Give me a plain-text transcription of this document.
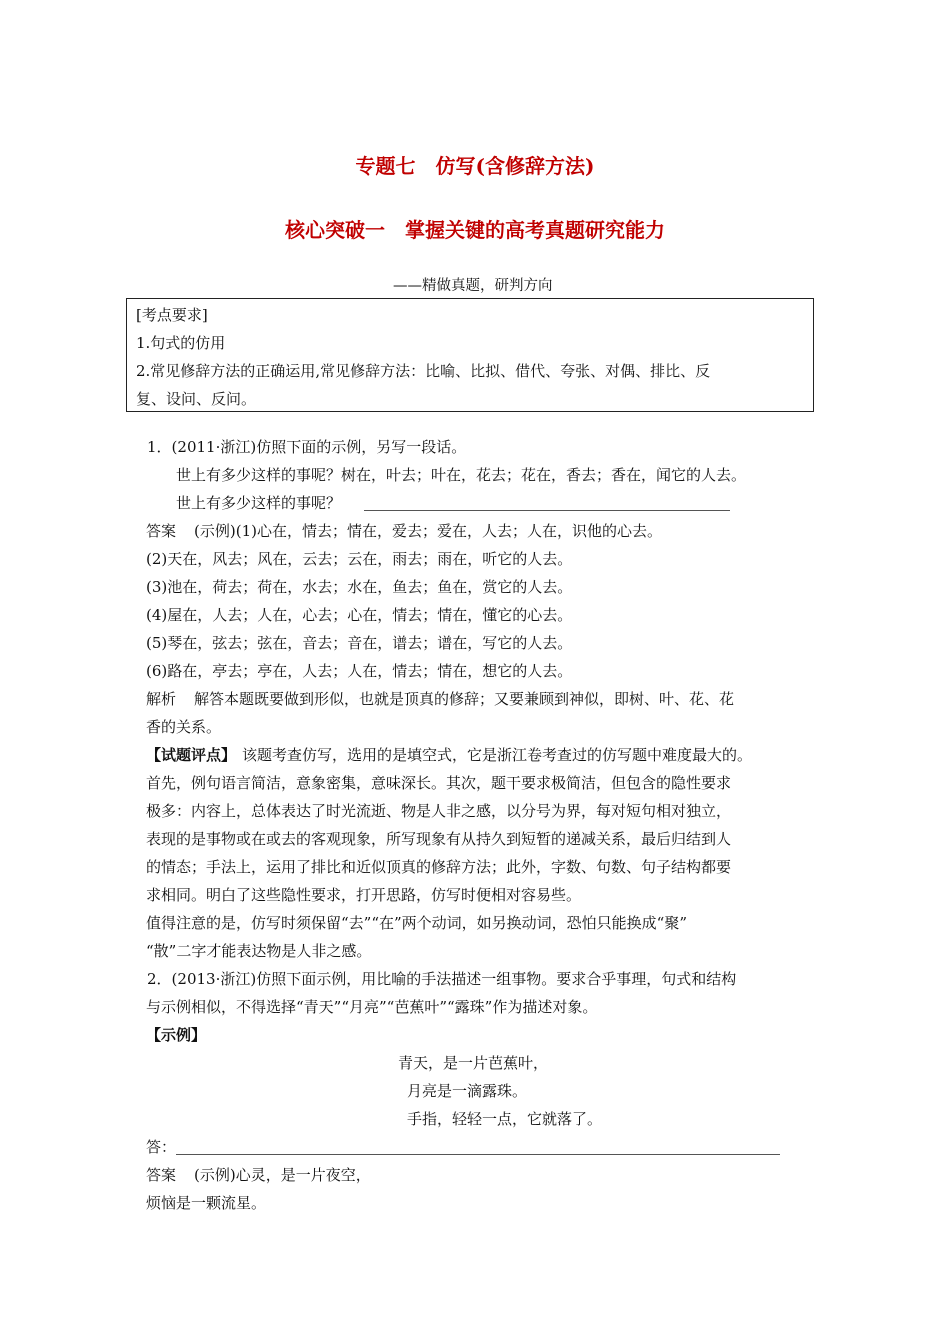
专题七　仿写(含修辞方法)
核心突破一　掌握关键的高考真题研究能力
——精做真题，研判方向
[考点要求]
1.句式的仿用
2.常见修辞方法的正确运用,常见修辞方法：比喻、比拟、借代、夸张、对偶、排比、反
复、设问、反问。
1．(2011·浙江)仿照下面的示例，另写一段话。
世上有多少这样的事呢？树在，叶去；叶在，花去；花在，香去；香在，闻它的人去。
世上有多少这样的事呢？
答案 (示例)(1)心在，情去；情在，爱去；爱在，人去；人在，识他的心去。
(2)天在，风去；风在，云去；云在，雨去；雨在，听它的人去。
(3)池在，荷去；荷在，水去；水在，鱼去；鱼在，赏它的人去。
(4)屋在，人去；人在，心去；心在，情去；情在，懂它的心去。
(5)琴在，弦去；弦在，音去；音在，谱去；谱在，写它的人去。
(6)路在，亭去；亭在，人去；人在，情去；情在，想它的人去。
解析 解答本题既要做到形似，也就是顶真的修辞；又要兼顾到神似，即树、叶、花、花
香的关系。
【试题评点】 该题考查仿写，选用的是填空式，它是浙江卷考查过的仿写题中难度最大的。
首先，例句语言简洁，意象密集，意味深长。其次，题干要求极简洁，但包含的隐性要求
极多：内容上，总体表达了时光流逝、物是人非之感，以分号为界，每对短句相对独立，
表现的是事物或在或去的客观现象，所写现象有从持久到短暂的递减关系，最后归结到人
的情态；手法上，运用了排比和近似顶真的修辞方法；此外，字数、句数、句子结构都要
求相同。明白了这些隐性要求，打开思路，仿写时便相对容易些。
值得注意的是，仿写时须保留“去”“在”两个动词，如另换动词，恐怕只能换成“聚”
“散”二字才能表达物是人非之感。
2．(2013·浙江)仿照下面示例，用比喻的手法描述一组事物。要求合乎事理，句式和结构
与示例相似，不得选择“青天”“月亮”“芭蕉叶”“露珠”作为描述对象。
【示例】
青天，是一片芭蕉叶，
月亮是一滴露珠。
手指，轻轻一点，它就落了。
答：
答案 (示例)心灵，是一片夜空，
烦恼是一颗流星。
